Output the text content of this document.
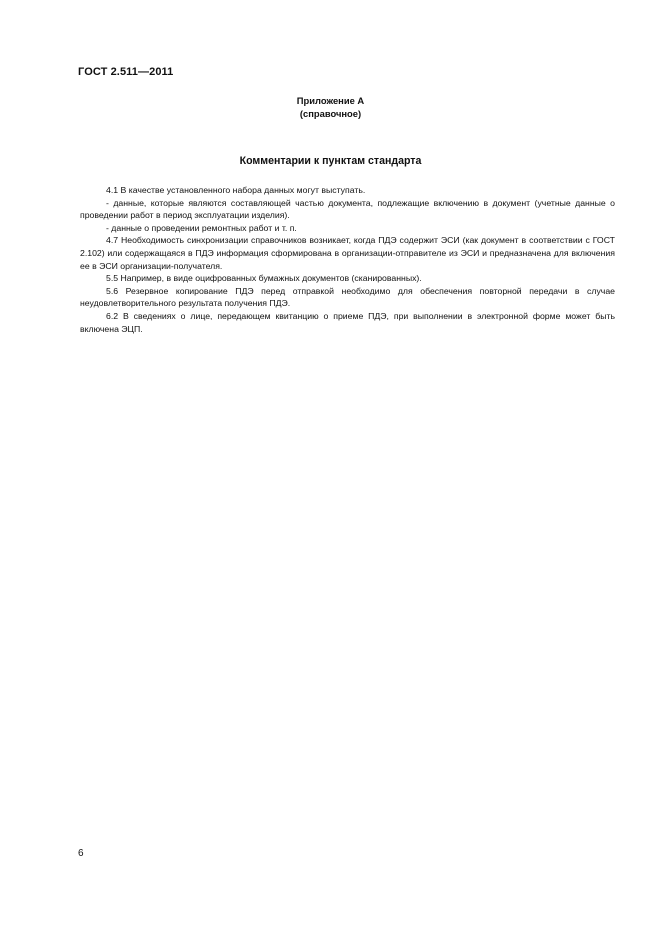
ГОСТ 2.511—2011
Приложение А
(справочное)
Комментарии к пунктам стандарта

4.1 В качестве установленного набора данных могут выступать.

- данные, которые являются составляющей частью документа, подлежащие включению в документ (учетные данные о проведении работ в период эксплуатации изделия).

- данные о проведении ремонтных работ и т. п.

4.7 Необходимость синхронизации справочников возникает, когда ПДЭ содержит ЭСИ (как документ в соответствии с ГОСТ 2.102) или содержащаяся в ПДЭ информация сформирована в организации-отправителе из ЭСИ и предназначена для включения ее в ЭСИ организации-получателя.

5.5 Например, в виде оцифрованных бумажных документов (сканированных).

5.6 Резервное копирование ПДЭ перед отправкой необходимо для обеспечения повторной передачи в случае неудовлетворительного результата получения ПДЭ.

6.2 В сведениях о лице, передающем квитанцию о приеме ПДЭ, при выполнении в электронной форме может быть включена ЭЦП.

6
